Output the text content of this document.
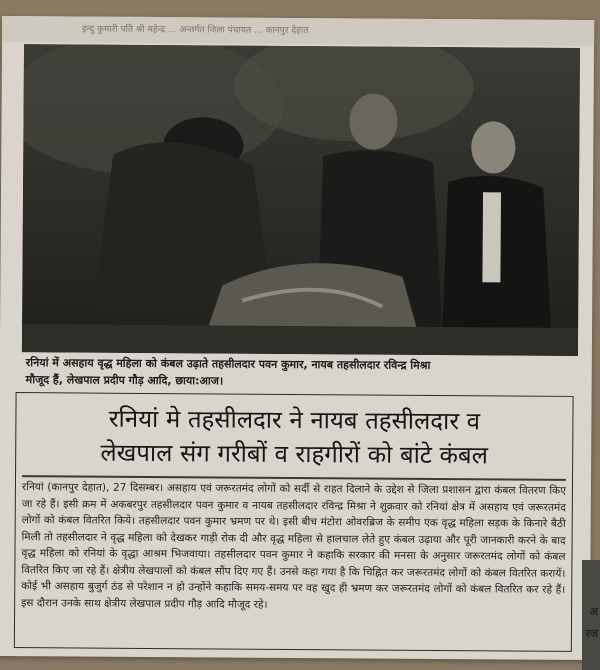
इन्दु कुमारी पति श्री महेन्द्र ... अन्तर्गत जिला पंचायत ... कानपुर देहात
रनियां में असहाय वृद्ध महिला को कंबल उढ़ाते तहसीलदार पवन कुमार, नायब तहसीलदार रविन्द्र मिश्रा
मौजूद हैं, लेखपाल प्रदीप गौड़ आदि, छाया:आज।
रनियां मे तहसीलदार ने नायब तहसीलदार व
लेखपाल संग गरीबों व राहगीरों को बांटे कंबल
रनियां (कानपुर देहात), 27 दिसम्बर। असहाय एवं जरूरतमंद लोगों को सर्दी से राहत दिलाने के उद्देश से जिला प्रशासन द्वारा कंबल वितरण किए जा रहे हैं। इसी क्रम में अकबरपुर तहसीलदार पवन कुमार व नायब तहसीलदार रविन्द्र मिश्रा ने शुक्रवार को रनियां क्षेत्र में असहाय एवं जरूरतमंद लोगों को कंबल वितरित किये। तहसीलदार पवन कुमार भ्रमण पर थे। इसी बीच मंटोरा ओवरब्रिज के समीप एक वृद्ध महिला सड़क के किनारे बैठी मिली तो तहसीलदार ने वृद्ध महिला को देखकर गाड़ी रोक दी और वृद्ध महिला से हालचाल लेते हुए कंबल उढ़ाया और पूरी जानकारी करने के बाद वृद्ध महिला को रनियां के वृद्धा आश्रम भिजवाया। तहसीलदार पवन कुमार ने कहाकि सरकार की मनसा के अनुसार जरूरतमंद लोगों को कंबल वितरित किए जा रहे हैं। क्षेत्रीय लेखपालों को कंबल सौंप दिए गए हैं। उनसे कहा गया है कि चिह्नित कर जरूरतमंद लोगों को कंबल वितरित करायें। कोई भी असहाय बुजुर्ग ठंड से परेशान न हो उन्होंने कहाकि समय-समय पर वह खुद ही भ्रमण कर जरूरतमंद लोगों को कंबल वितरित कर रहे हैं। इस दौरान उनके साथ क्षेत्रीय लेखपाल प्रदीप गौड़ आदि मौजूद रहे।
अ
रज
